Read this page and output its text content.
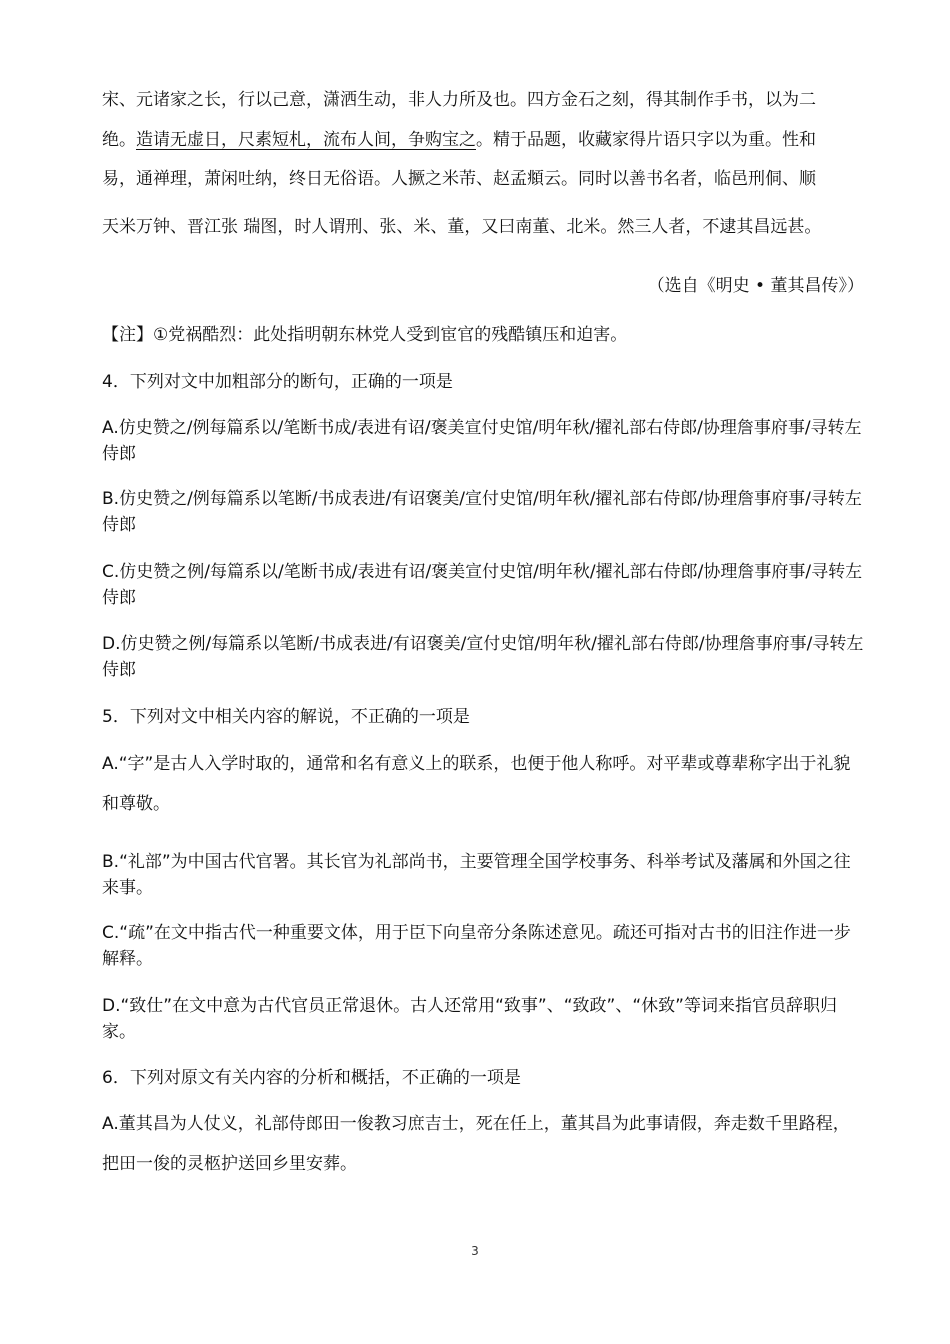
宋、元诸家之长，行以己意，潇洒生动，非人力所及也。四方金石之刻，得其制作手书，以为二

绝。造请无虚日，尺素短札，流布人间，争购宝之。精于品题，收藏家得片语只字以为重。性和

易，通禅理，萧闲吐纳，终日无俗语。人撅之米芾、赵孟頫云。同时以善书名者，临邑刑侗、顺

天米万钟、晋江张 瑞图，时人谓刑、张、米、董，又曰南董、北米。然三人者，不逮其昌远甚。

（选自《明史 • 董其昌传》）

【注】①党祸酷烈：此处指明朝东林党人受到宦官的残酷镇压和迫害。

4．下列对文中加粗部分的断句，正确的一项是

A.仿史赞之/例每篇系以/笔断书成/表进有诏/褒美宣付史馆/明年秋/擢礼部右侍郎/协理詹事府事/寻转左侍郎

B.仿史赞之/例每篇系以笔断/书成表进/有诏褒美/宣付史馆/明年秋/擢礼部右侍郎/协理詹事府事/寻转左侍郎

C.仿史赞之例/每篇系以/笔断书成/表进有诏/褒美宣付史馆/明年秋/擢礼部右侍郎/协理詹事府事/寻转左侍郎

D.仿史赞之例/每篇系以笔断/书成表进/有诏褒美/宣付史馆/明年秋/擢礼部右侍郎/协理詹事府事/寻转左侍郎

5．下列对文中相关内容的解说，不正确的一项是

A.“字”是古人入学时取的，通常和名有意义上的联系，也便于他人称呼。对平辈或尊辈称字出于礼貌 和尊敬。

B.“礼部”为中国古代官署。其长官为礼部尚书，主要管理全国学校事务、科举考试及藩属和外国之往来事。

C.“疏”在文中指古代一种重要文体，用于臣下向皇帝分条陈述意见。疏还可指对古书的旧注作进一步解释。

D.“致仕”在文中意为古代官员正常退休。古人还常用“致事”、“致政”、“休致”等词来指官员辞职归家。

6．下列对原文有关内容的分析和概括，不正确的一项是

A.董其昌为人仗义，礼部侍郎田一俊教习庶吉士，死在任上，董其昌为此事请假，奔走数千里路程， 把田一俊的灵柩护送回乡里安葬。

3
